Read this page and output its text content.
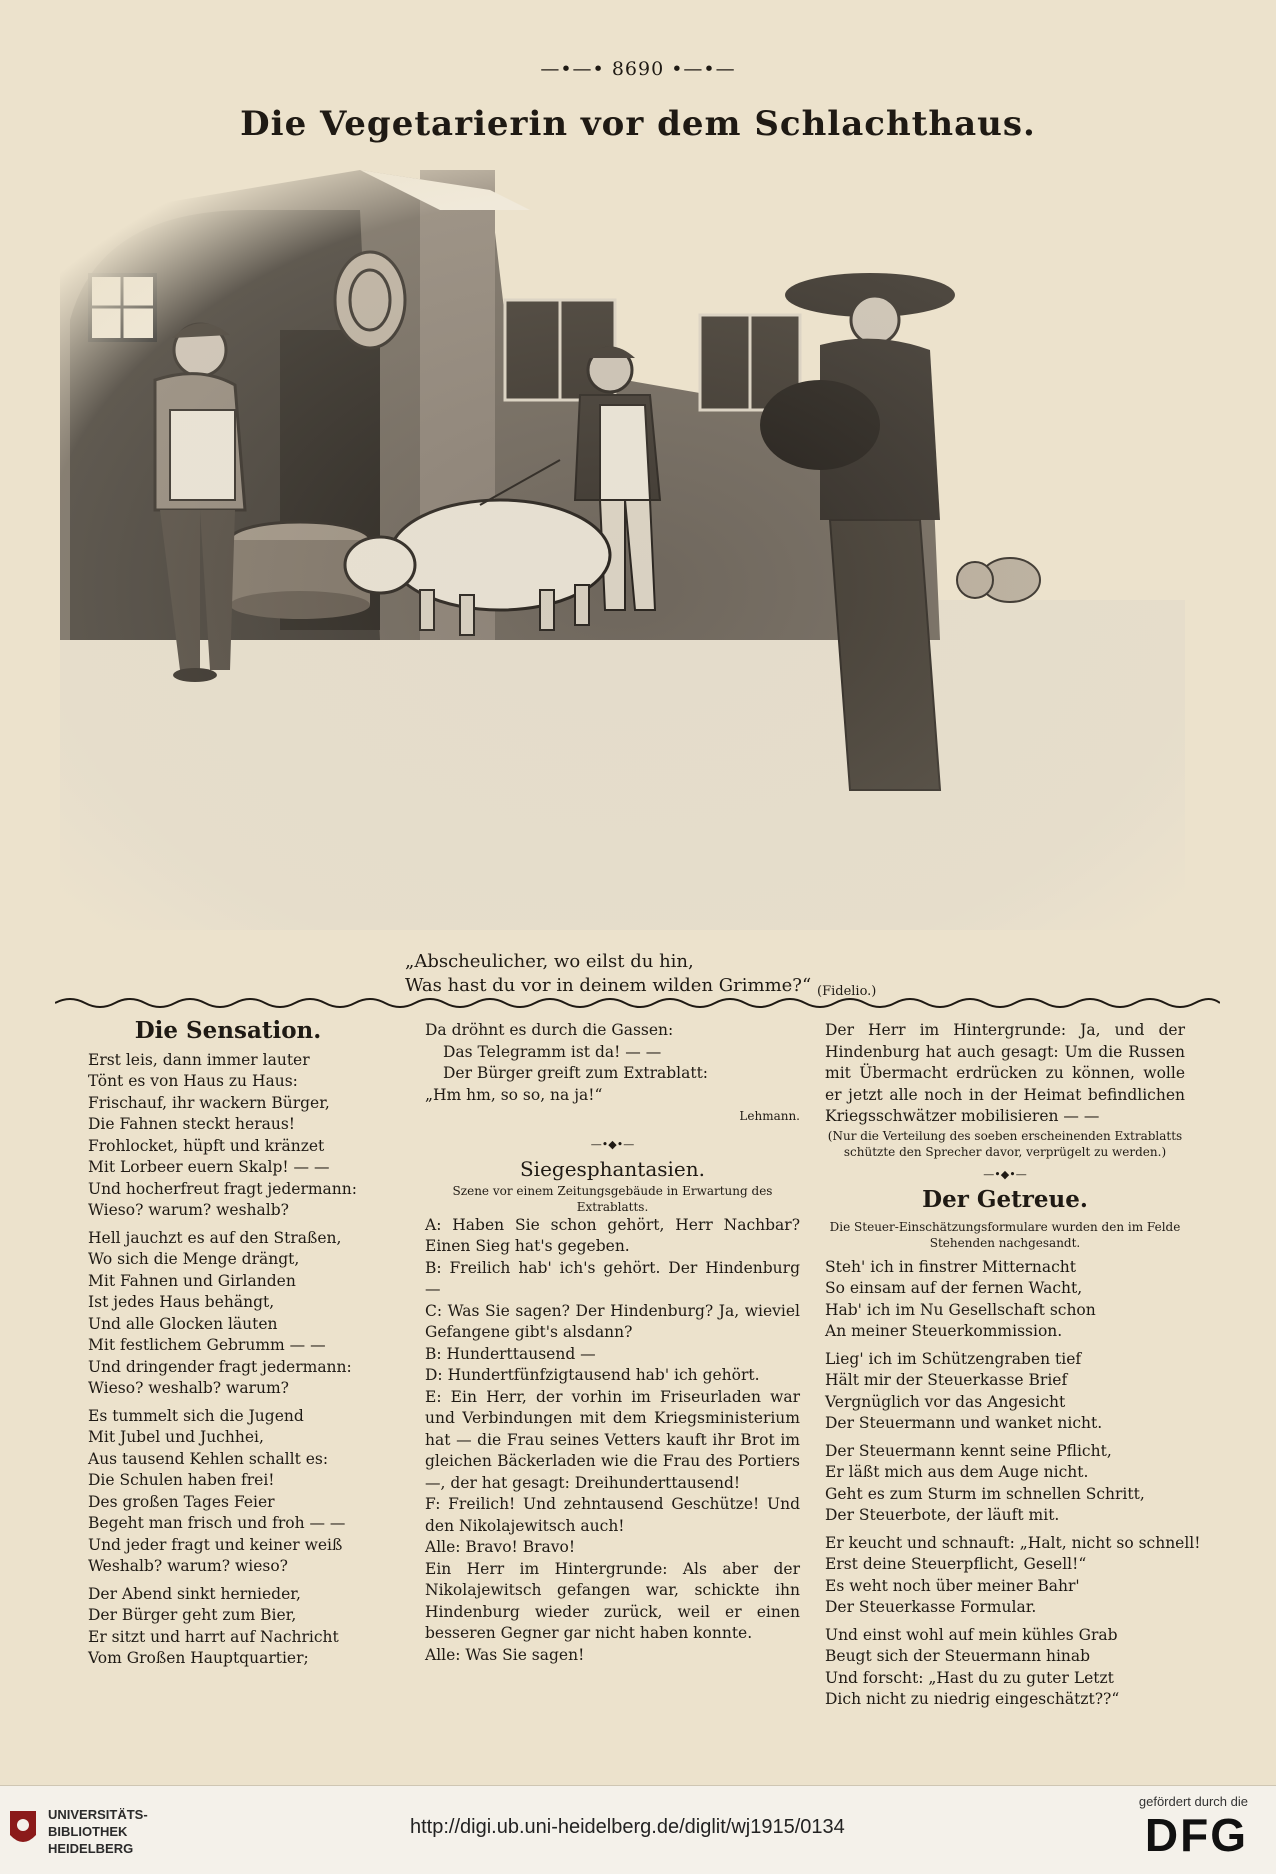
—•—• 8690 •—•—
Die Vegetarierin vor dem Schlachthaus.
„Abscheulicher, wo eilst du hin,
Was hast du vor in deinem wilden Grimme?“ (Fidelio.)
Die Sensation.
Erst leis, dann immer lauter
Tönt es von Haus zu Haus:
Frischauf, ihr wackern Bürger,
Die Fahnen steckt heraus!
Frohlocket, hüpft und kränzet
Mit Lorbeer euern Skalp! — —
Und hocherfreut fragt jedermann:
Wieso? warum? weshalb?
Hell jauchzt es auf den Straßen,
Wo sich die Menge drängt,
Mit Fahnen und Girlanden
Ist jedes Haus behängt,
Und alle Glocken läuten
Mit festlichem Gebrumm — —
Und dringender fragt jedermann:
Wieso? weshalb? warum?
Es tummelt sich die Jugend
Mit Jubel und Juchhei,
Aus tausend Kehlen schallt es:
Die Schulen haben frei!
Des großen Tages Feier
Begeht man frisch und froh — —
Und jeder fragt und keiner weiß
Weshalb? warum? wieso?
Der Abend sinkt hernieder,
Der Bürger geht zum Bier,
Er sitzt und harrt auf Nachricht
Vom Großen Hauptquartier;
Da dröhnt es durch die Gassen:
Das Telegramm ist da! — —
Der Bürger greift zum Extrablatt:
„Hm hm, so so, na ja!“
Lehmann.
—•◆•—
Siegesphantasien.
Szene vor einem Zeitungsgebäude in Erwartung des Extrablatts.
A: Haben Sie schon gehört, Herr Nachbar? Einen Sieg hat's gegeben.
B: Freilich hab' ich's gehört. Der Hindenburg —
C: Was Sie sagen? Der Hindenburg? Ja, wieviel Gefangene gibt's alsdann?
B: Hunderttausend —
D: Hundertfünfzigtausend hab' ich gehört.
E: Ein Herr, der vorhin im Friseurladen war und Verbindungen mit dem Kriegsministerium hat — die Frau seines Vetters kauft ihr Brot im gleichen Bäckerladen wie die Frau des Portiers —, der hat gesagt: Dreihunderttausend!
F: Freilich! Und zehntausend Geschütze! Und den Nikolajewitsch auch!
Alle: Bravo! Bravo!
Ein Herr im Hintergrunde: Als aber der Nikolajewitsch gefangen war, schickte ihn Hindenburg wieder zurück, weil er einen besseren Gegner gar nicht haben konnte.
Alle: Was Sie sagen!
Der Herr im Hintergrunde: Ja, und der Hindenburg hat auch gesagt: Um die Russen mit Übermacht erdrücken zu können, wolle er jetzt alle noch in der Heimat befindlichen Kriegsschwätzer mobilisieren — —
(Nur die Verteilung des soeben erscheinenden Extrablatts schützte den Sprecher davor, verprügelt zu werden.)
—•◆•—
Der Getreue.
Die Steuer-Einschätzungsformulare wurden den im Felde Stehenden nachgesandt.
Steh' ich in finstrer Mitternacht
So einsam auf der fernen Wacht,
Hab' ich im Nu Gesellschaft schon
An meiner Steuerkommission.
Lieg' ich im Schützengraben tief
Hält mir der Steuerkasse Brief
Vergnüglich vor das Angesicht
Der Steuermann und wanket nicht.
Der Steuermann kennt seine Pflicht,
Er läßt mich aus dem Auge nicht.
Geht es zum Sturm im schnellen Schritt,
Der Steuerbote, der läuft mit.
Er keucht und schnauft: „Halt, nicht so schnell!
Erst deine Steuerpflicht, Gesell!“
Es weht noch über meiner Bahr'
Der Steuerkasse Formular.
Und einst wohl auf mein kühles Grab
Beugt sich der Steuermann hinab
Und forscht: „Hast du zu guter Letzt
Dich nicht zu niedrig eingeschätzt??“
UNIVERSITÄTS-
BIBLIOTHEK
HEIDELBERG
http://digi.ub.uni-heidelberg.de/diglit/wj1915/0134
gefördert durch die
DFG
